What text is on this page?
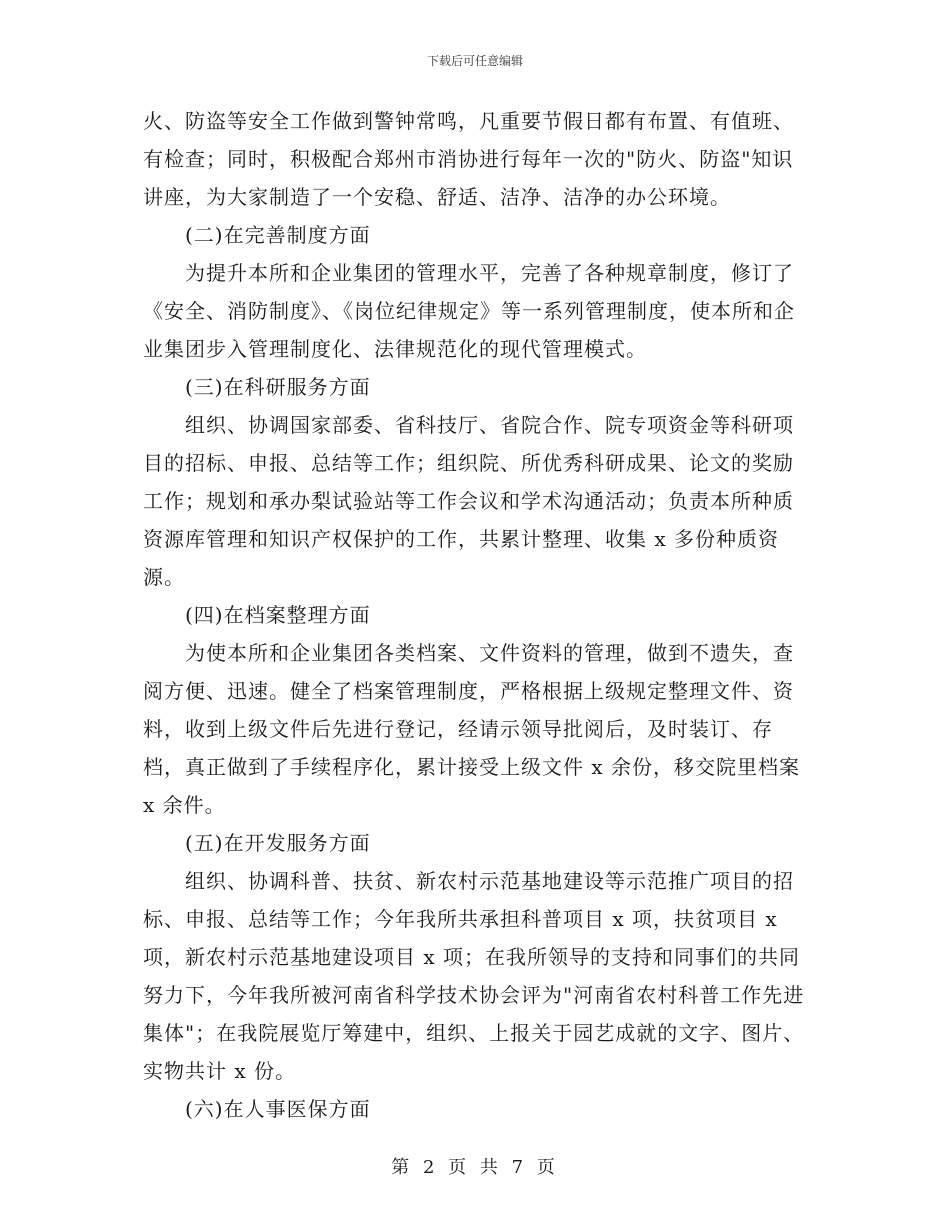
下载后可任意编辑

火、防盗等安全工作做到警钟常鸣，凡重要节假日都有布置、有值班、有检查；同时，积极配合郑州市消协进行每年一次的"防火、防盗"知识讲座，为大家制造了一个安稳、舒适、洁净、洁净的办公环境。

(二)在完善制度方面

为提升本所和企业集团的管理水平，完善了各种规章制度，修订了《安全、消防制度》、《岗位纪律规定》等一系列管理制度，使本所和企业集团步入管理制度化、法律规范化的现代管理模式。

(三)在科研服务方面

组织、协调国家部委、省科技厅、省院合作、院专项资金等科研项目的招标、申报、总结等工作；组织院、所优秀科研成果、论文的奖励工作；规划和承办梨试验站等工作会议和学术沟通活动；负责本所种质资源库管理和知识产权保护的工作，共累计整理、收集 x 多份种质资源。

(四)在档案整理方面

为使本所和企业集团各类档案、文件资料的管理，做到不遗失，查阅方便、迅速。健全了档案管理制度，严格根据上级规定整理文件、资料，收到上级文件后先进行登记，经请示领导批阅后，及时装订、存档，真正做到了手续程序化，累计接受上级文件 x 余份，移交院里档案 x 余件。

(五)在开发服务方面

组织、协调科普、扶贫、新农村示范基地建设等示范推广项目的招标、申报、总结等工作；今年我所共承担科普项目 x 项，扶贫项目 x 项，新农村示范基地建设项目 x 项；在我所领导的支持和同事们的共同努力下，今年我所被河南省科学技术协会评为"河南省农村科普工作先进集体"；在我院展览厅筹建中，组织、上报关于园艺成就的文字、图片、实物共计 x 份。

(六)在人事医保方面

第 2 页 共 7 页
